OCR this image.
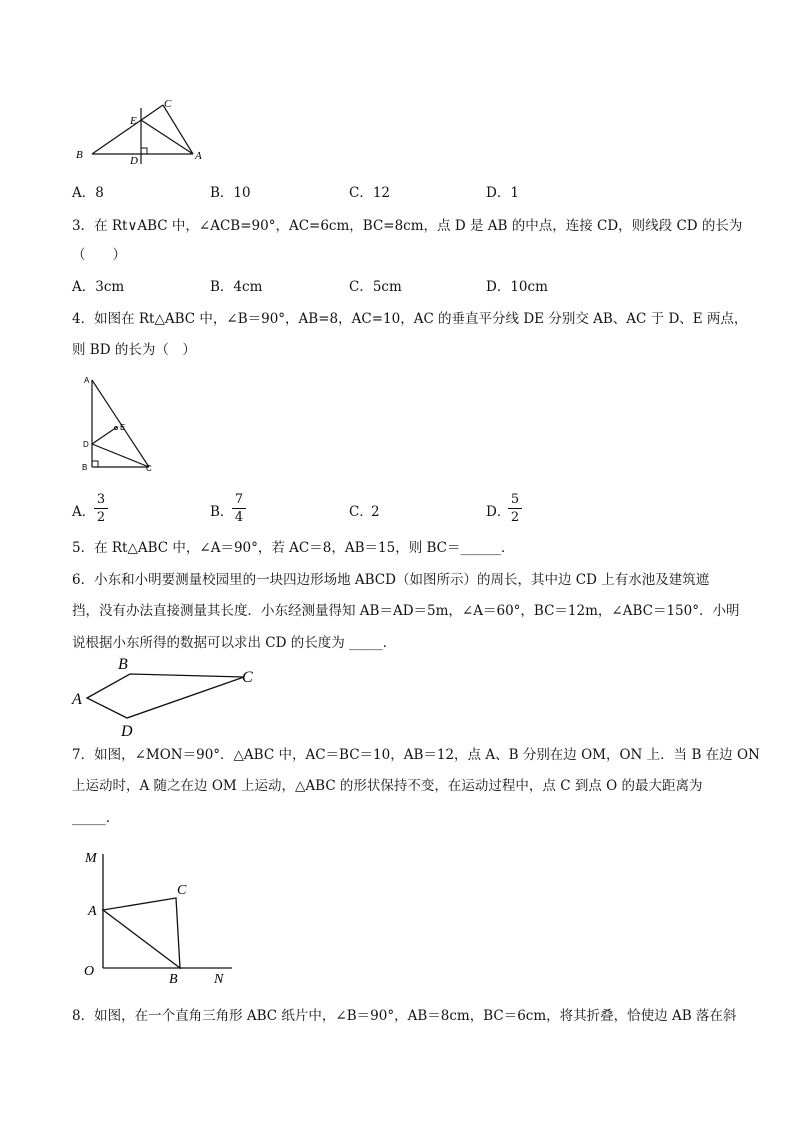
B
E
C
D	A
A．8	B．10	C．12	D．1
3．在 Rt∨ABC 中，∠ACB=90°，AC=6cm，BC=8cm，点 D 是 AB 的中点，连接 CD，则线段 CD 的长为
（　　）
A．3cm	B．4cm	C．5cm	D．10cm
4．如图在 Rt△ABC 中，∠B＝90°，AB=8，AC=10，AC 的垂直平分线 DE 分别交 AB、AC 于 D、E 两点，
则 BD 的长为（　）
A
D
E
B	C
A．
3
2	B．
7
4	C．
2	D．
5
2
5．在 Rt△ABC 中，∠A＝90°，若 AC＝8，AB＝15，则 BC＝______．
6．小东和小明要测量校园里的一块四边形场地 ABCD（如图所示）的周长，其中边 CD 上有水池及建筑遮
挡，没有办法直接测量其长度．小东经测量得知 AB＝AD＝5m，∠A＝60°，BC＝12m，∠ABC＝150°．小明
说根据小东所得的数据可以求出 CD 的长度为 _____．
A
B
C
D
7．如图，∠MON＝90°．△ABC 中，AC＝BC＝10，AB＝12，点 A、B 分别在边 OM，ON 上．当 B 在边 ON
上运动时，A 随之在边 OM 上运动，△ABC 的形状保持不变，在运动过程中，点 C 到点 O 的最大距离为
_____．
M
C
A
O
B	N
8．如图，在一个直角三角形 ABC 纸片中，∠B＝90°，AB＝8cm，BC＝6cm，将其折叠，恰使边 AB 落在斜
